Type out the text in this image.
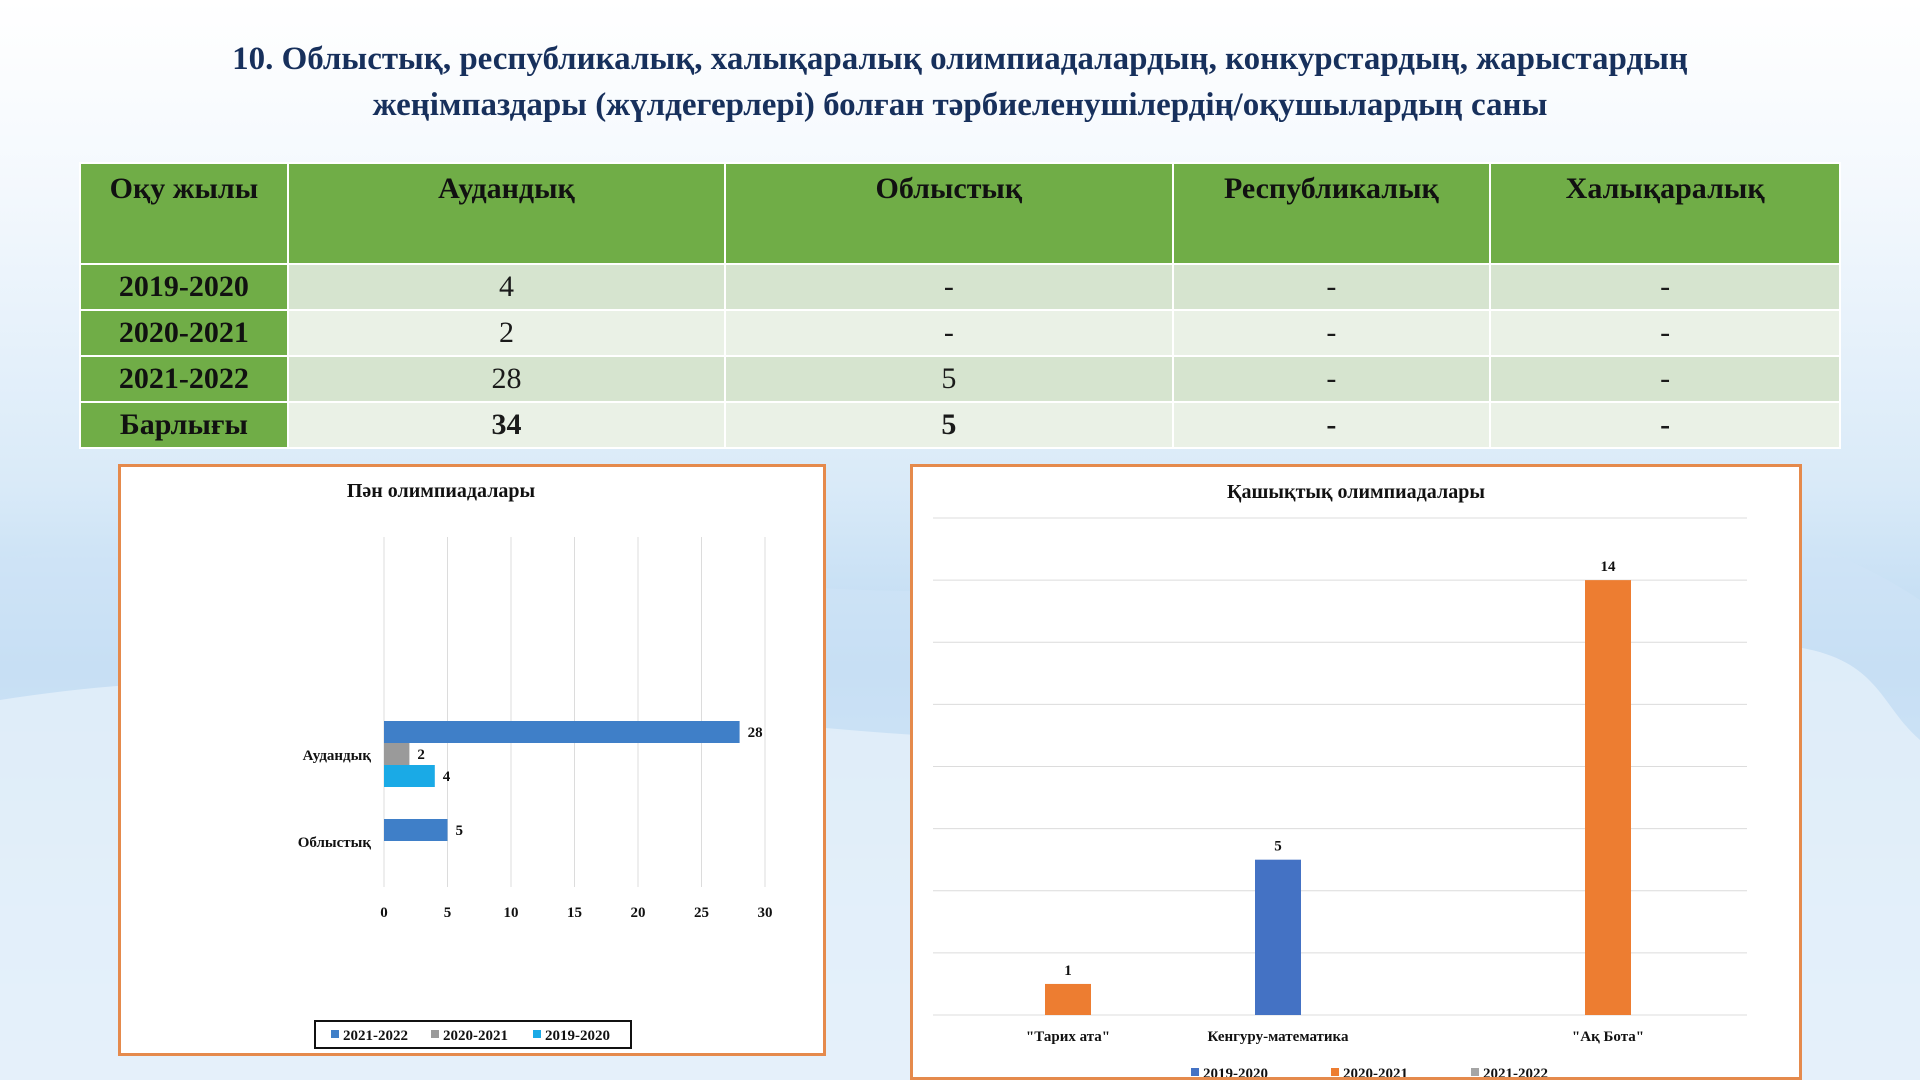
10. Облыстық, республикалық, халықаралық олимпиадалардың, конкурстардың, жарыстардың
жеңімпаздары (жүлдегерлері) болған тәрбиеленушілердің/оқушылардың саны
Оқу жылы	Аудандық	Облыстық	Республикалық	Халықаралық
2019-2020	4	-	-	-
2020-2021	2	-	-	-
2021-2022	28	5	-	-
Барлығы	34	5	-	-
Пән олимпиадалары
0	5	10	15	20	25	30
Аудандық
28
2
4
Облыстық
5
2021-2022 2020-2021 2019-2020
Қашықтық олимпиадалары
"Тарих ата"
1
Кенгуру-математика
5
"Ақ Бота"
14
2019-2020	2020-2021	2021-2022
